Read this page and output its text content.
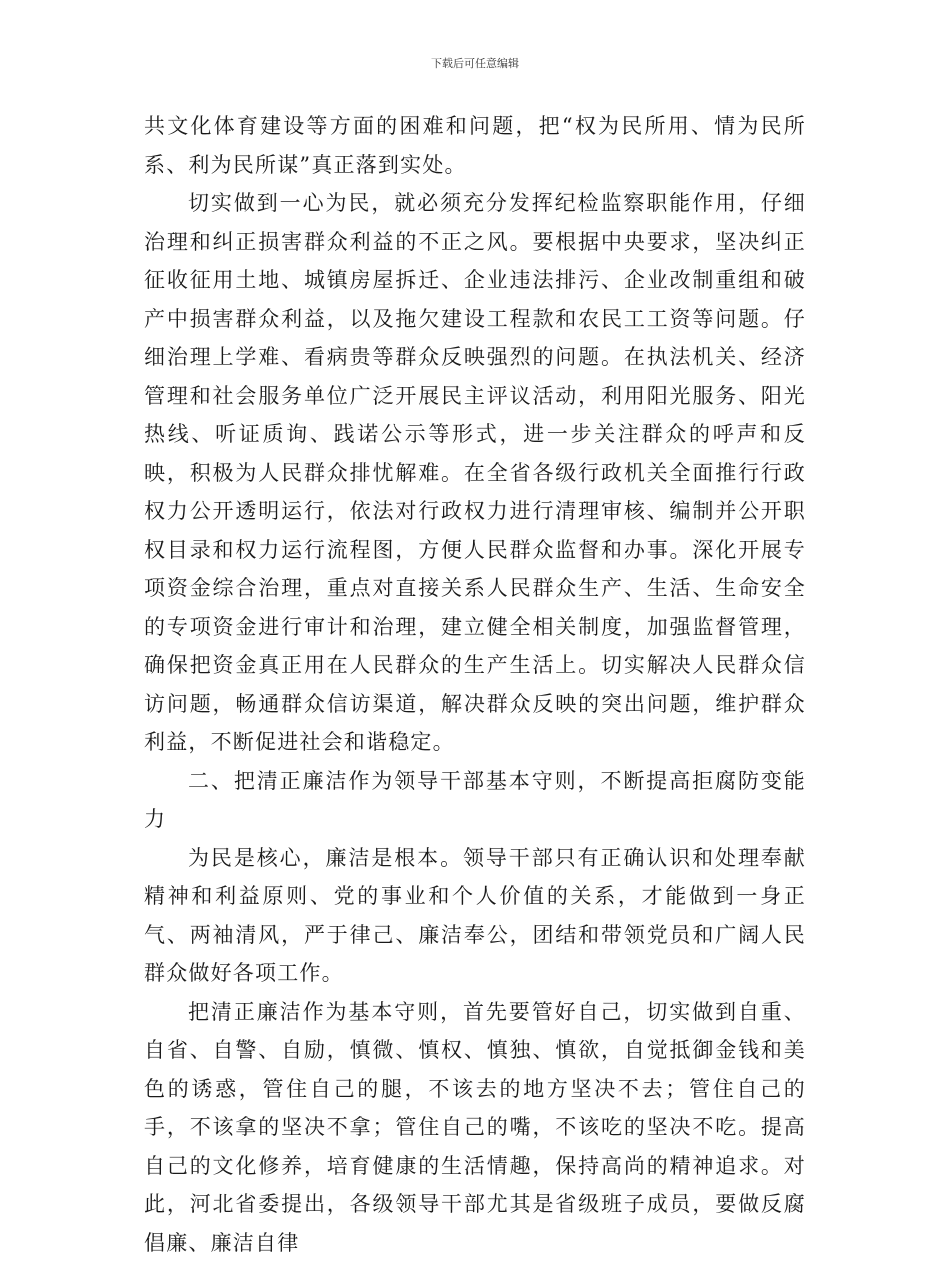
下载后可任意编辑

共文化体育建设等方面的困难和问题，把“权为民所用、情为民所系、利为民所谋”真正落到实处。

切实做到一心为民，就必须充分发挥纪检监察职能作用，仔细治理和纠正损害群众利益的不正之风。要根据中央要求，坚决纠正征收征用土地、城镇房屋拆迁、企业违法排污、企业改制重组和破产中损害群众利益，以及拖欠建设工程款和农民工工资等问题。仔细治理上学难、看病贵等群众反映强烈的问题。在执法机关、经济管理和社会服务单位广泛开展民主评议活动，利用阳光服务、阳光热线、听证质询、践诺公示等形式，进一步关注群众的呼声和反映，积极为人民群众排忧解难。在全省各级行政机关全面推行行政权力公开透明运行，依法对行政权力进行清理审核、编制并公开职权目录和权力运行流程图，方便人民群众监督和办事。深化开展专项资金综合治理，重点对直接关系人民群众生产、生活、生命安全的专项资金进行审计和治理，建立健全相关制度，加强监督管理，确保把资金真正用在人民群众的生产生活上。切实解决人民群众信访问题，畅通群众信访渠道，解决群众反映的突出问题，维护群众利益，不断促进社会和谐稳定。

二、把清正廉洁作为领导干部基本守则，不断提高拒腐防变能力

为民是核心，廉洁是根本。领导干部只有正确认识和处理奉献精神和利益原则、党的事业和个人价值的关系，才能做到一身正气、两袖清风，严于律己、廉洁奉公，团结和带领党员和广阔人民群众做好各项工作。

把清正廉洁作为基本守则，首先要管好自己，切实做到自重、自省、自警、自励，慎微、慎权、慎独、慎欲，自觉抵御金钱和美色的诱惑，管住自己的腿，不该去的地方坚决不去；管住自己的手，不该拿的坚决不拿；管住自己的嘴，不该吃的坚决不吃。提高自己的文化修养，培育健康的生活情趣，保持高尚的精神追求。对此，河北省委提出，各级领导干部尤其是省级班子成员，要做反腐倡廉、廉洁自律
